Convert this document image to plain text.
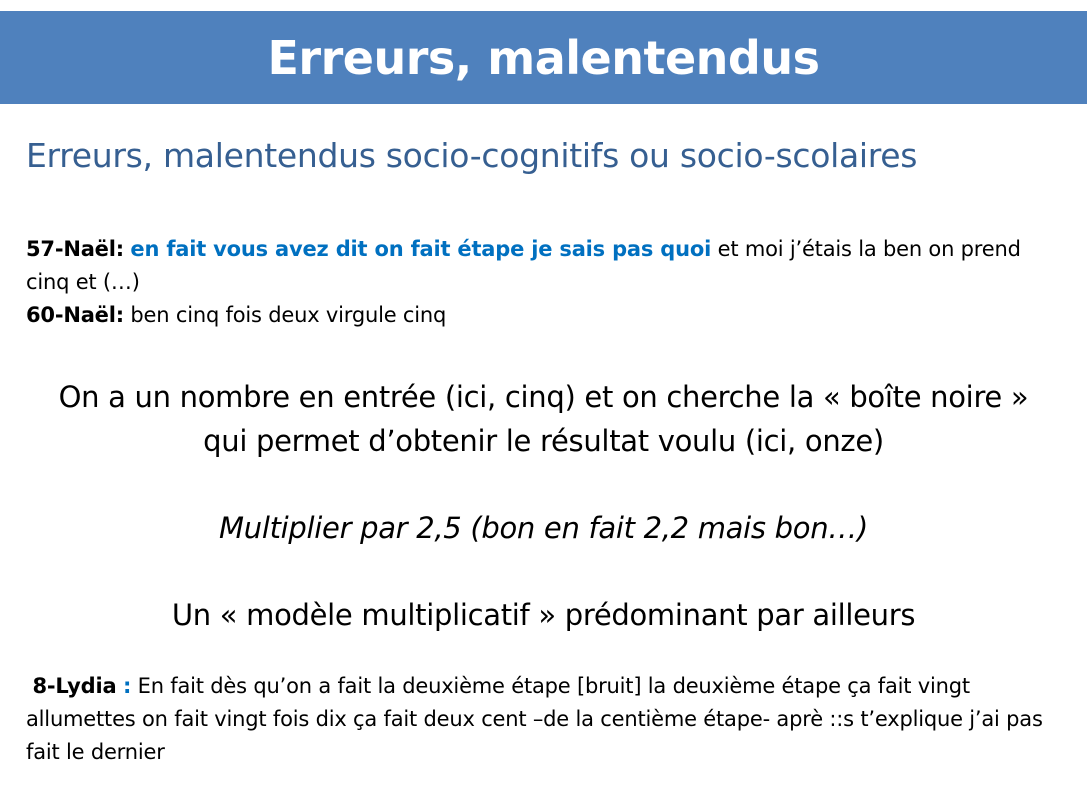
Erreurs, malentendus
Erreurs, malentendus socio-cognitifs ou socio-scolaires
57-Naël: en fait vous avez dit on fait étape je sais pas quoi et moi j’étais la ben on prend cinq et (…)
60-Naël: ben cinq fois deux virgule cinq
On a un nombre en entrée (ici, cinq) et on cherche la « boîte noire »
qui permet d’obtenir le résultat voulu (ici, onze)
Multiplier par 2,5 (bon en fait 2,2 mais bon…)
Un « modèle multiplicatif » prédominant par ailleurs
8-Lydia : En fait dès qu’on a fait la deuxième étape [bruit] la deuxième étape ça fait vingt allumettes on fait vingt fois dix ça fait deux cent –de la centième étape- aprè ::s t’explique j’ai pas fait le dernier
